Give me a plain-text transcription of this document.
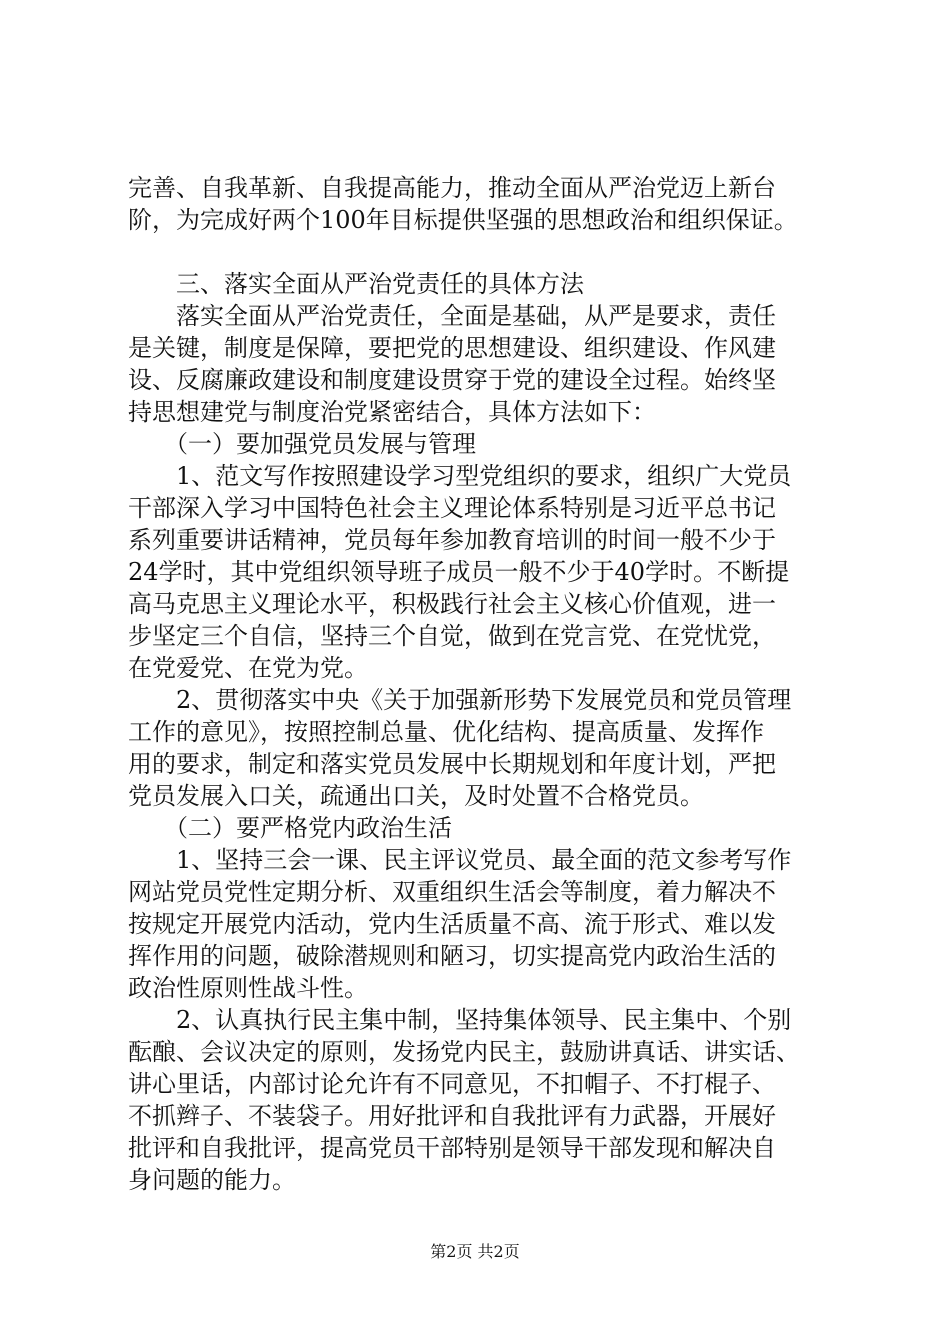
完善、自我革新、自我提高能力，推动全面从严治党迈上新台
阶，为完成好两个100年目标提供坚强的思想政治和组织保证。
　　三、落实全面从严治党责任的具体方法
　　落实全面从严治党责任，全面是基础，从严是要求，责任
是关键，制度是保障，要把党的思想建设、组织建设、作风建
设、反腐廉政建设和制度建设贯穿于党的建设全过程。始终坚
持思想建党与制度治党紧密结合，具体方法如下：
　　（一）要加强党员发展与管理
　　1、范文写作按照建设学习型党组织的要求，组织广大党员
干部深入学习中国特色社会主义理论体系特别是习近平总书记
系列重要讲话精神，党员每年参加教育培训的时间一般不少于
24学时，其中党组织领导班子成员一般不少于40学时。不断提
高马克思主义理论水平，积极践行社会主义核心价值观，进一
步坚定三个自信，坚持三个自觉，做到在党言党、在党忧党，
在党爱党、在党为党。
　　2、贯彻落实中央《关于加强新形势下发展党员和党员管理
工作的意见》，按照控制总量、优化结构、提高质量、发挥作
用的要求，制定和落实党员发展中长期规划和年度计划，严把
党员发展入口关，疏通出口关，及时处置不合格党员。
　　（二）要严格党内政治生活
　　1、坚持三会一课、民主评议党员、最全面的范文参考写作
网站党员党性定期分析、双重组织生活会等制度，着力解决不
按规定开展党内活动，党内生活质量不高、流于形式、难以发
挥作用的问题，破除潜规则和陋习，切实提高党内政治生活的
政治性原则性战斗性。
　　2、认真执行民主集中制，坚持集体领导、民主集中、个别
酝酿、会议决定的原则，发扬党内民主，鼓励讲真话、讲实话、
讲心里话，内部讨论允许有不同意见，不扣帽子、不打棍子、
不抓辫子、不装袋子。用好批评和自我批评有力武器，开展好
批评和自我批评，提高党员干部特别是领导干部发现和解决自
身问题的能力。
第2页 共2页
